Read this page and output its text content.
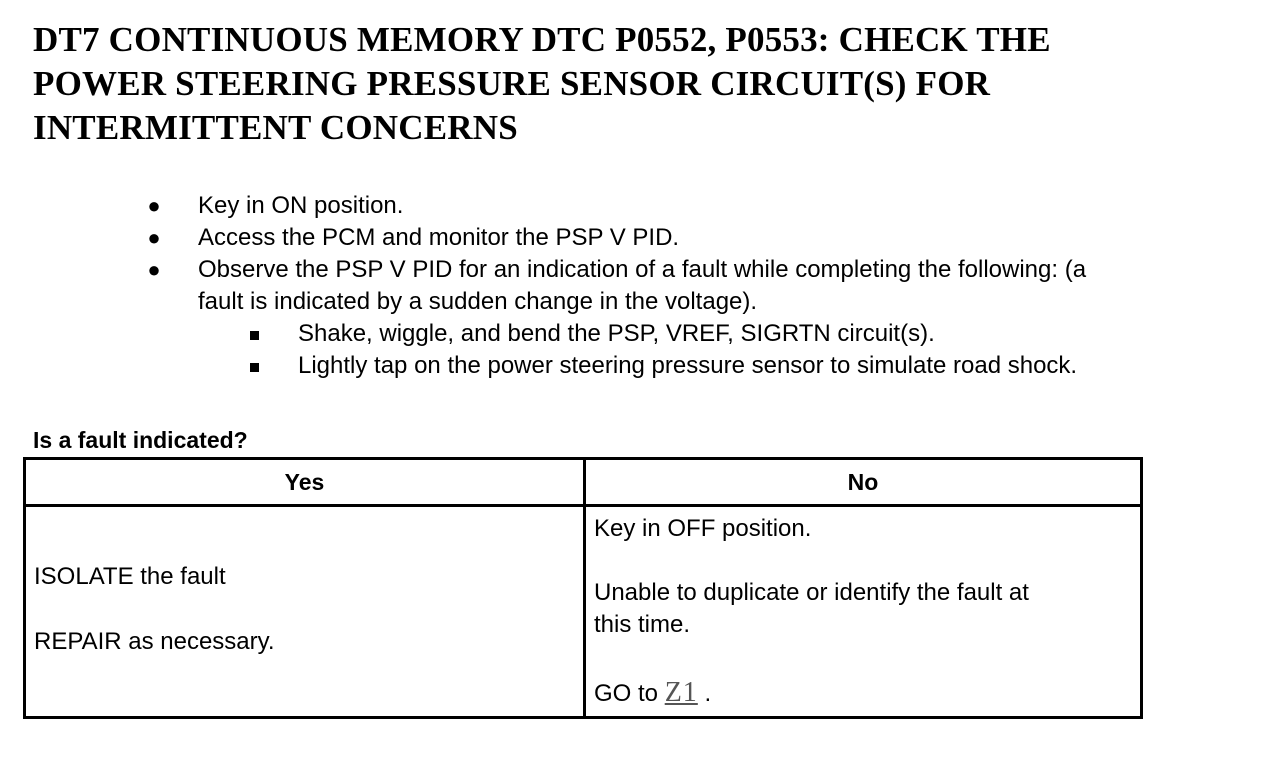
DT7 CONTINUOUS MEMORY DTC P0552, P0553: CHECK THE
POWER STEERING PRESSURE SENSOR CIRCUIT(S) FOR
INTERMITTENT CONCERNS
● Key in ON position.
● Access the PCM and monitor the PSP V PID.
● Observe the PSP V PID for an indication of a fault while completing the following: (a
fault is indicated by a sudden change in the voltage).
Shake, wiggle, and bend the PSP, VREF, SIGRTN circuit(s).
Lightly tap on the power steering pressure sensor to simulate road shock.
Is a fault indicated?
Yes	No

ISOLATE the fault
REPAIR as necessary.	Key in OFF position.
Unable to duplicate or identify the fault at
this time.
GO to Z1 .
